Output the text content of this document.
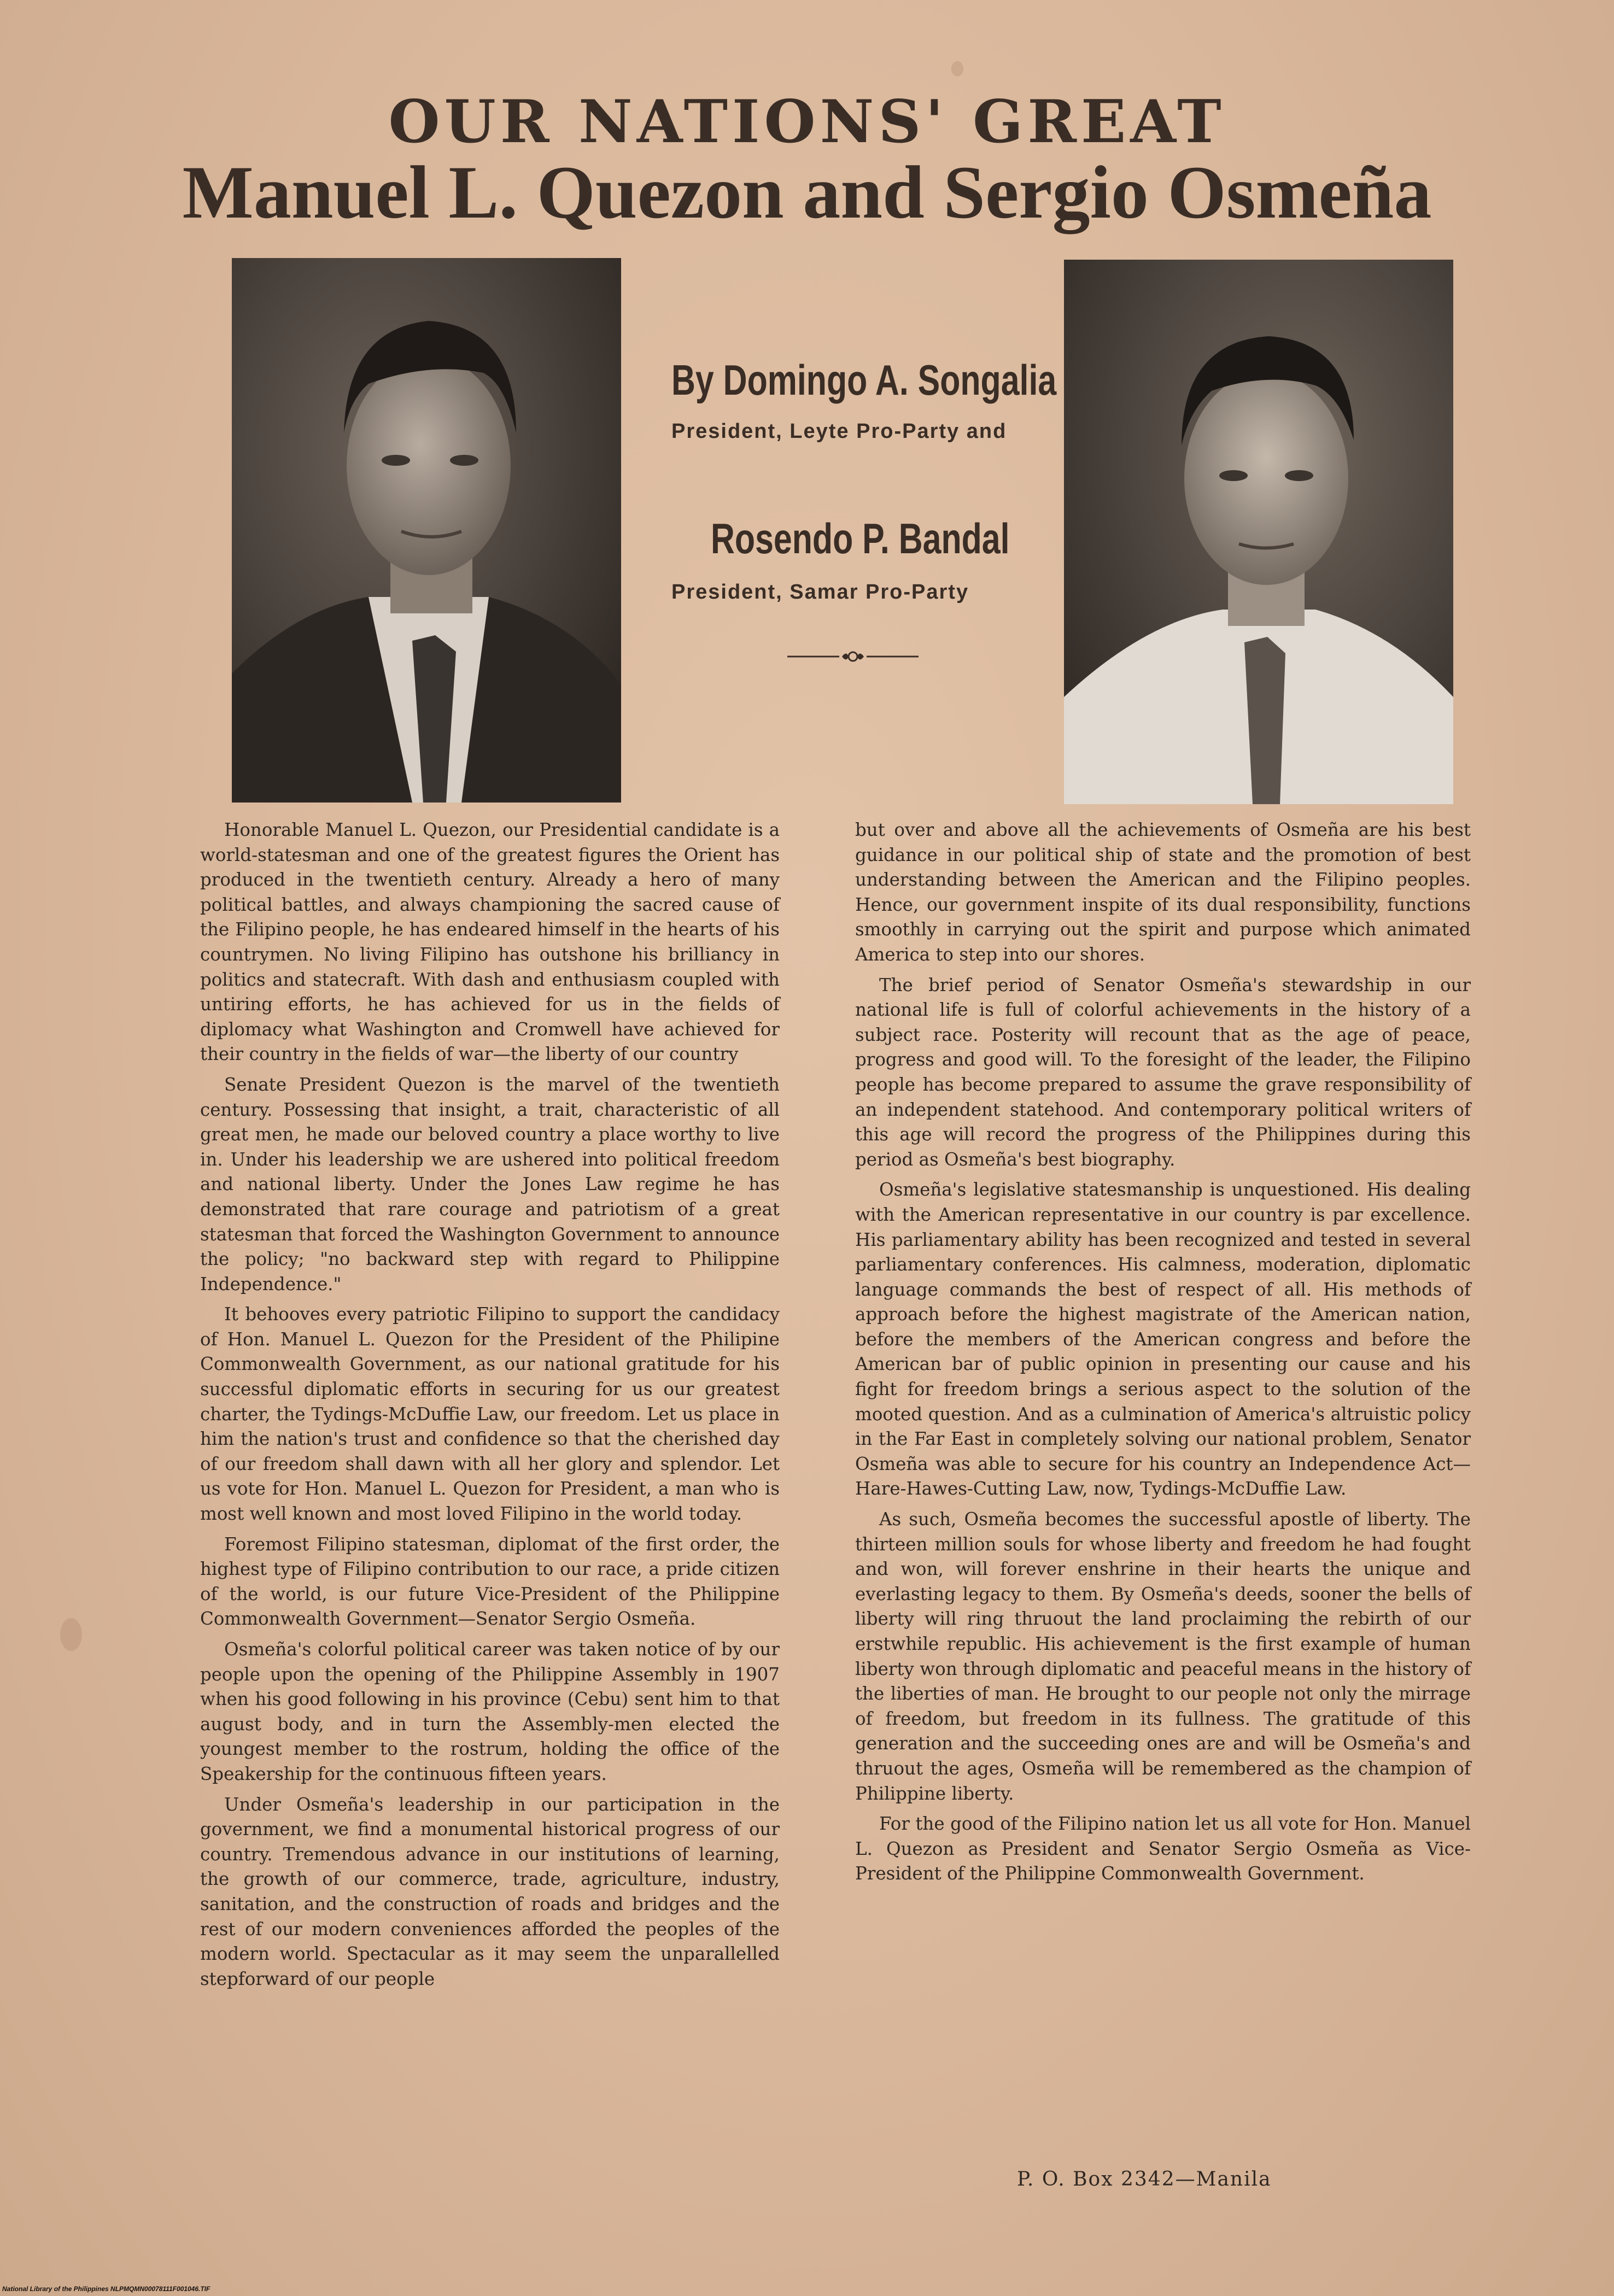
OUR NATIONS' GREAT
Manuel L. Quezon and Sergio Osmeña
By Domingo A. Songalia
President, Leyte Pro-Party and
Rosendo P. Bandal
President, Samar Pro-Party

Honorable Manuel L. Quezon, our Presidential candidate is a world-statesman and one of the greatest figures the Orient has produced in the twentieth century. Already a hero of many political battles, and always championing the sacred cause of the Filipino people, he has endeared himself in the hearts of his countrymen. No living Filipino has outshone his brilliancy in politics and statecraft. With dash and enthusiasm coupled with untiring efforts, he has achieved for us in the fields of diplomacy what Washington and Cromwell have achieved for their country in the fields of war—the liberty of our country

Senate President Quezon is the marvel of the twentieth century. Possessing that insight, a trait, characteristic of all great men, he made our beloved country a place worthy to live in. Under his leadership we are ushered into political freedom and national liberty. Under the Jones Law regime he has demonstrated that rare courage and patriotism of a great statesman that forced the Washington Government to announce the policy; "no backward step with regard to Philippine Independence."

It behooves every patriotic Filipino to support the candidacy of Hon. Manuel L. Quezon for the President of the Philipine Commonwealth Government, as our national gratitude for his successful diplomatic efforts in securing for us our greatest charter, the Tydings-McDuffie Law, our freedom. Let us place in him the nation's trust and confidence so that the cherished day of our freedom shall dawn with all her glory and splendor. Let us vote for Hon. Manuel L. Quezon for President, a man who is most well known and most loved Filipino in the world today.

Foremost Filipino statesman, diplomat of the first order, the highest type of Filipino contribution to our race, a pride citizen of the world, is our future Vice-President of the Philippine Commonwealth Government—Senator Sergio Osmeña.

Osmeña's colorful political career was taken notice of by our people upon the opening of the Philippine Assembly in 1907 when his good following in his province (Cebu) sent him to that august body, and in turn the Assembly-men elected the youngest member to the rostrum, holding the office of the Speakership for the continuous fifteen years.

Under Osmeña's leadership in our participation in the government, we find a monumental historical progress of our country. Tremendous advance in our institutions of learning, the growth of our commerce, trade, agriculture, industry, sanitation, and the construction of roads and bridges and the rest of our modern conveniences afforded the peoples of the modern world. Spectacular as it may seem the unparallelled stepforward of our people

but over and above all the achievements of Osmeña are his best guidance in our political ship of state and the promotion of best understanding between the American and the Filipino peoples. Hence, our government inspite of its dual responsibility, functions smoothly in carrying out the spirit and purpose which animated America to step into our shores.

The brief period of Senator Osmeña's stewardship in our national life is full of colorful achievements in the history of a subject race. Posterity will recount that as the age of peace, progress and good will. To the foresight of the leader, the Filipino people has become prepared to assume the grave responsibility of an independent statehood. And contemporary political writers of this age will record the progress of the Philippines during this period as Osmeña's best biography.

Osmeña's legislative statesmanship is unquestioned. His dealing with the American representative in our country is par excellence. His parliamentary ability has been recognized and tested in several parliamentary conferences. His calmness, moderation, diplomatic language commands the best of respect of all. His methods of approach before the highest magistrate of the American nation, before the members of the American congress and before the American bar of public opinion in presenting our cause and his fight for freedom brings a serious aspect to the solution of the mooted question. And as a culmination of America's altruistic policy in the Far East in completely solving our national problem, Senator Osmeña was able to secure for his country an Independence Act—Hare-Hawes-Cutting Law, now, Tydings-McDuffie Law.

As such, Osmeña becomes the successful apostle of liberty. The thirteen million souls for whose liberty and freedom he had fought and won, will forever enshrine in their hearts the unique and everlasting legacy to them. By Osmeña's deeds, sooner the bells of liberty will ring thruout the land proclaiming the rebirth of our erstwhile republic. His achievement is the first example of human liberty won through diplomatic and peaceful means in the history of the liberties of man. He brought to our people not only the mirrage of freedom, but freedom in its fullness. The gratitude of this generation and the succeeding ones are and will be Osmeña's and thruout the ages, Osmeña will be remembered as the champion of Philippine liberty.

For the good of the Filipino nation let us all vote for Hon. Manuel L. Quezon as President and Senator Sergio Osmeña as Vice-President of the Philippine Commonwealth Government.

P. O. Box 2342—Manila
National Library of the Philippines NLPMQMN00078111F001046.TIF
